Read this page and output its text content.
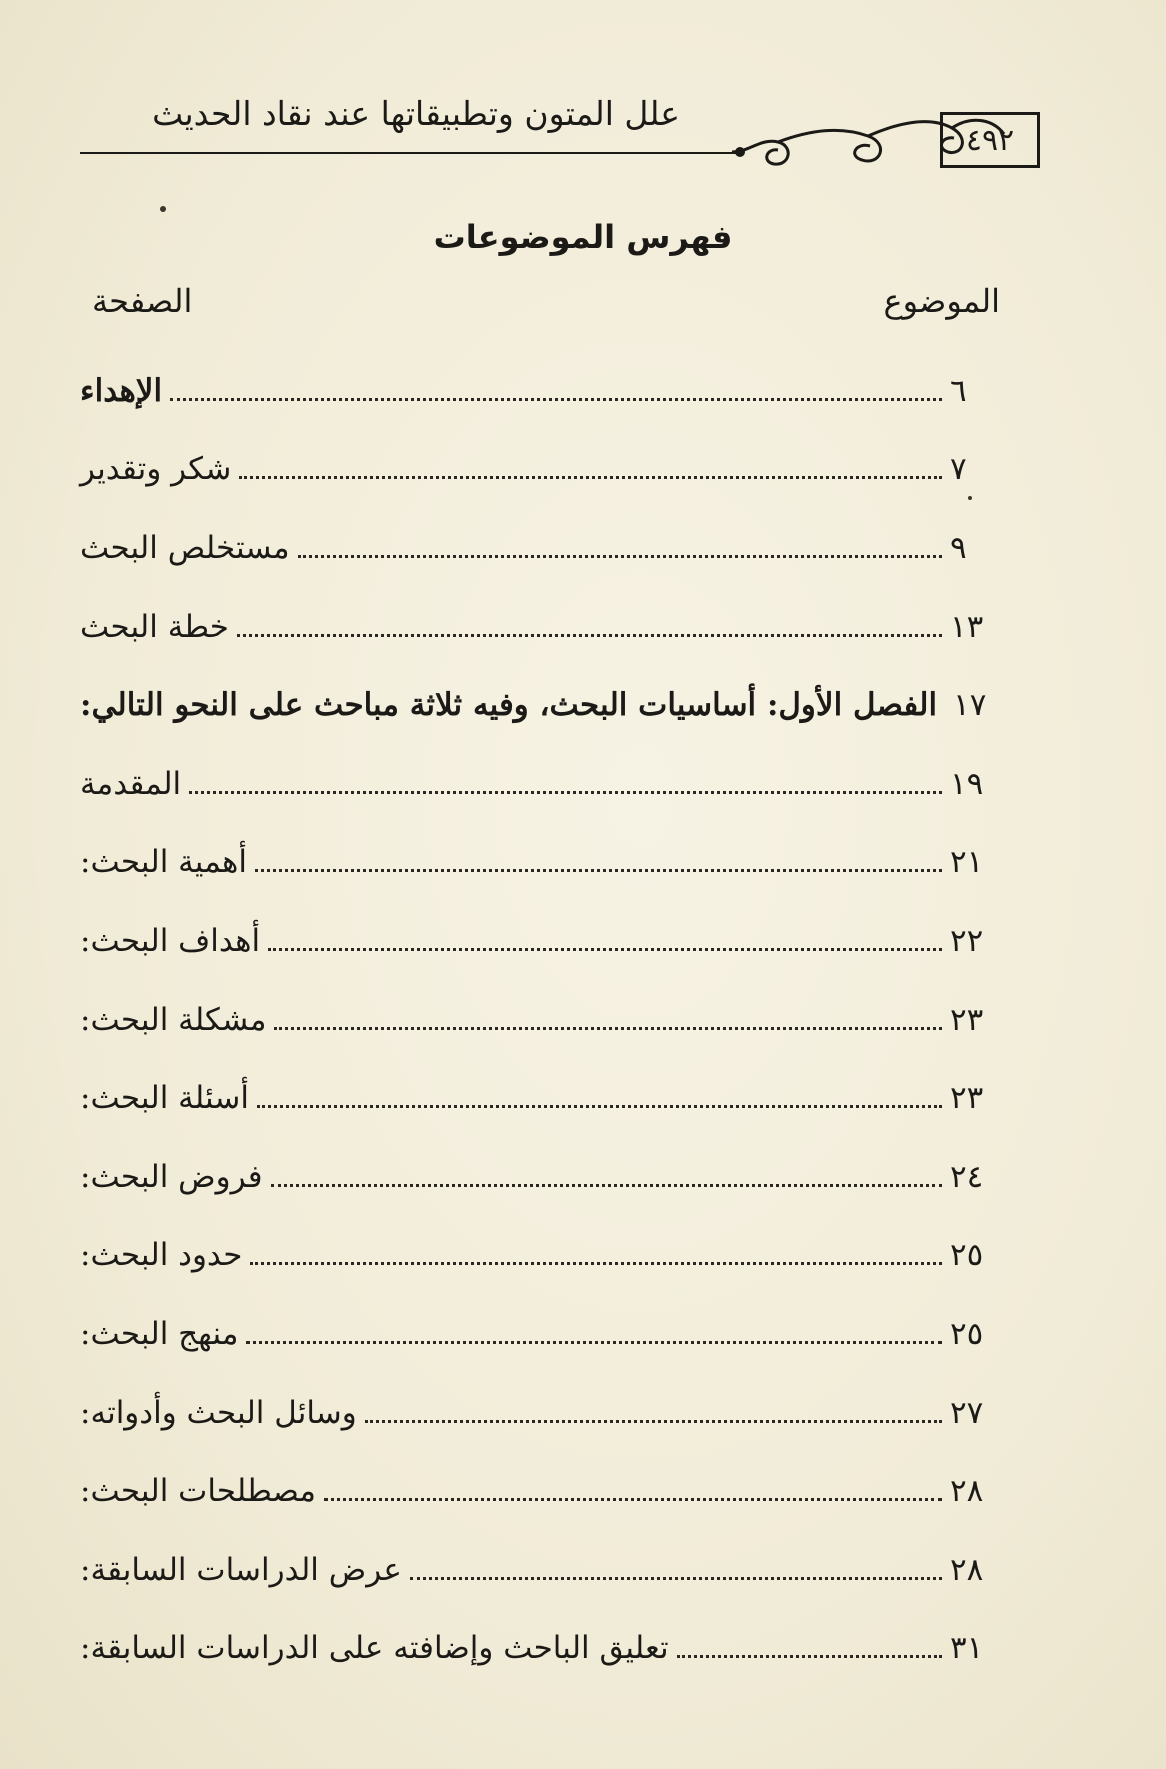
٤٩٢
علل المتون وتطبيقاتها عند نقاد الحديث
فهرس الموضوعات
الموضوع
الصفحة
الإهداء	٦
شكر وتقدير	٧
مستخلص البحث	٩
خطة البحث	١٣
الفصل الأول: أساسيات البحث، وفيه ثلاثة مباحث على النحو التالي: ١٧
المقدمة	١٩
أهمية البحث:	٢١
أهداف البحث:	٢٢
مشكلة البحث:	٢٣
أسئلة البحث:	٢٣
فروض البحث:	٢٤
حدود البحث:	٢٥
منهج البحث:	٢٥
وسائل البحث وأدواته:	٢٧
مصطلحات البحث:	٢٨
عرض الدراسات السابقة:	٢٨
تعليق الباحث وإضافته على الدراسات السابقة:	٣١
